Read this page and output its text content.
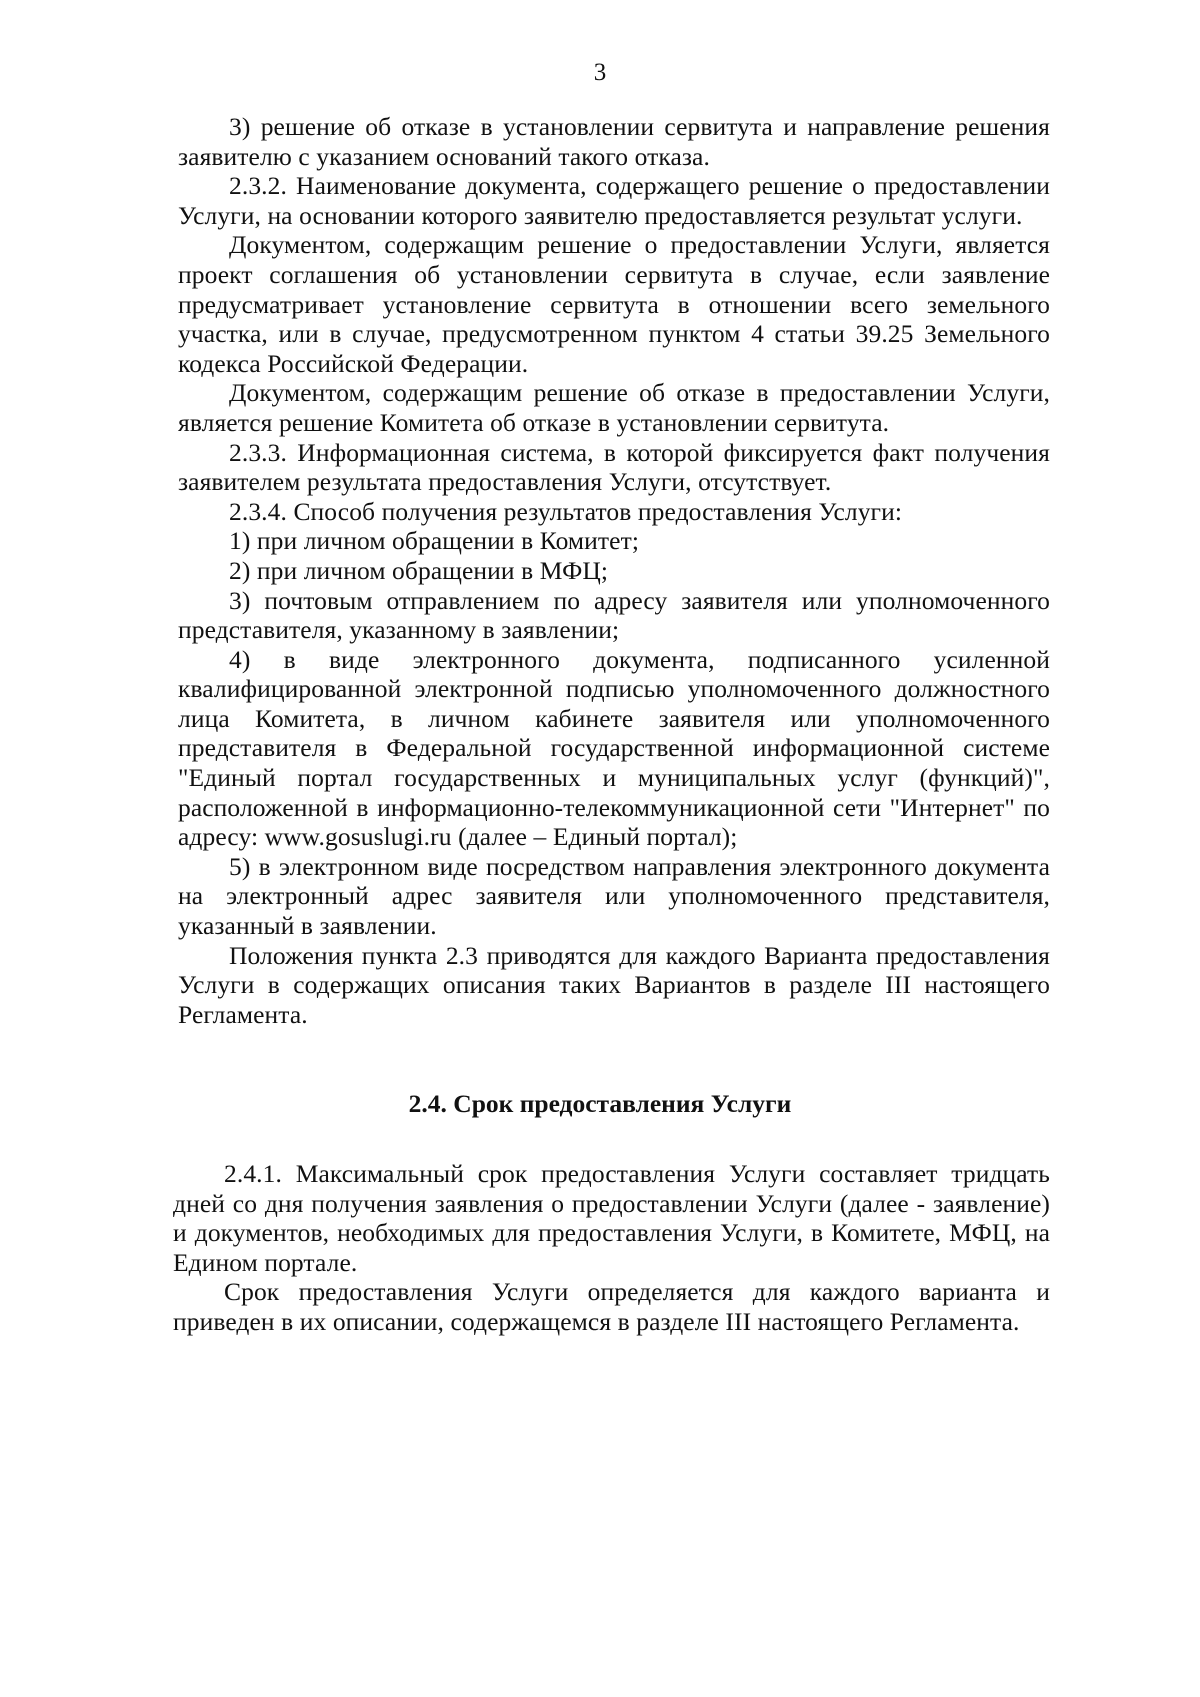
3

3) решение об отказе в установлении сервитута и направление решения заявителю с указанием оснований такого отказа.

2.3.2. Наименование документа, содержащего решение о предоставлении Услуги, на основании которого заявителю предоставляется результат услуги.

Документом, содержащим решение о предоставлении Услуги, является проект соглашения об установлении сервитута в случае, если заявление предусматривает установление сервитута в отношении всего земельного участка, или в случае, предусмотренном пунктом 4 статьи 39.25 Земельного кодекса Российской Федерации.

Документом, содержащим решение об отказе в предоставлении Услуги, является решение Комитета об отказе в установлении сервитута.

2.3.3. Информационная система, в которой фиксируется факт получения заявителем результата предоставления Услуги, отсутствует.

2.3.4. Способ получения результатов предоставления Услуги:

1) при личном обращении в Комитет;

2) при личном обращении в МФЦ;

3) почтовым отправлением по адресу заявителя или уполномоченного представителя, указанному в заявлении;

4) в виде электронного документа, подписанного усиленной квалифицированной электронной подписью уполномоченного должностного лица Комитета, в личном кабинете заявителя или уполномоченного представителя в Федеральной государственной информационной системе "Единый портал государственных и муниципальных услуг (функций)", расположенной в информационно-телекоммуникационной сети "Интернет" по адресу: www.gosuslugi.ru (далее – Единый портал);

5) в электронном виде посредством направления электронного документа на электронный адрес заявителя или уполномоченного представителя, указанный в заявлении.

Положения пункта 2.3 приводятся для каждого Варианта предоставления Услуги в содержащих описания таких Вариантов в разделе III настоящего Регламента.

2.4.1. Максимальный срок предоставления Услуги составляет тридцать дней со дня получения заявления о предоставлении Услуги (далее - заявление) и документов, необходимых для предоставления Услуги, в Комитете, МФЦ, на Едином портале.

Срок предоставления Услуги определяется для каждого варианта и приведен в их описании, содержащемся в разделе III настоящего Регламента.

2.4. Срок предоставления Услуги
